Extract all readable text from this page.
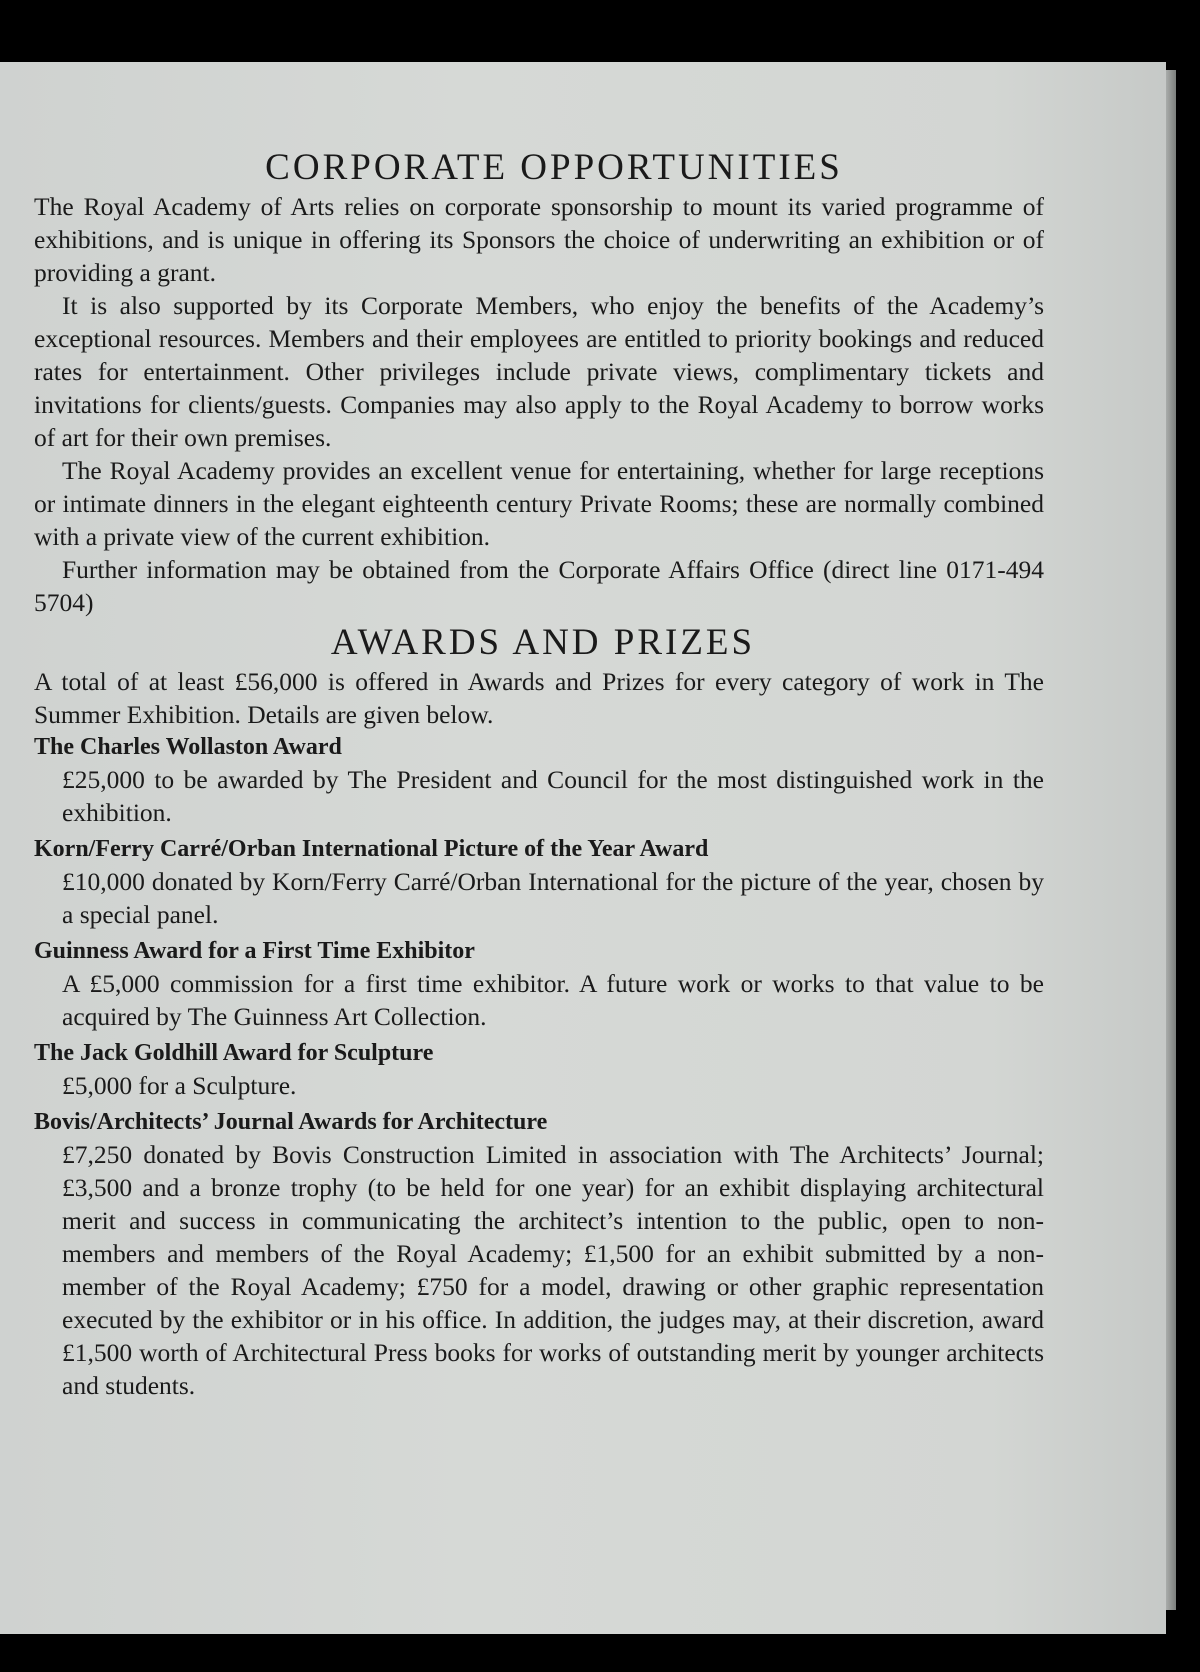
CORPORATE OPPORTUNITIES

The Royal Academy of Arts relies on corporate sponsorship to mount its varied programme of exhibitions, and is unique in offering its Sponsors the choice of underwriting an exhibition or of providing a grant.

It is also supported by its Corporate Members, who enjoy the benefits of the Academy’s exceptional resources. Members and their employees are entitled to priority bookings and reduced rates for entertainment. Other privileges include private views, complimentary tickets and invitations for clients/guests. Companies may also apply to the Royal Academy to borrow works of art for their own premises.

The Royal Academy provides an excellent venue for entertaining, whether for large receptions or intimate dinners in the elegant eighteenth century Private Rooms; these are normally combined with a private view of the current exhibition.

Further information may be obtained from the Corporate Affairs Office (direct line 0171-494 5704)

AWARDS AND PRIZES

A total of at least £56,000 is offered in Awards and Prizes for every category of work in The Summer Exhibition. Details are given below.

The Charles Wollaston Award
£25,000 to be awarded by The President and Council for the most distinguished work in the exhibition.
Korn/Ferry Carré/Orban International Picture of the Year Award
£10,000 donated by Korn/Ferry Carré/Orban International for the picture of the year, chosen by a special panel.
Guinness Award for a First Time Exhibitor
A £5,000 commission for a first time exhibitor. A future work or works to that value to be acquired by The Guinness Art Collection.
The Jack Goldhill Award for Sculpture
£5,000 for a Sculpture.
Bovis/Architects’ Journal Awards for Architecture
£7,250 donated by Bovis Construction Limited in association with The Architects’ Journal; £3,500 and a bronze trophy (to be held for one year) for an exhibit displaying architectural merit and success in communicating the architect’s intention to the public, open to non-members and members of the Royal Academy; £1,500 for an exhibit submitted by a non-member of the Royal Academy; £750 for a model, drawing or other graphic representation executed by the exhibitor or in his office. In addition, the judges may, at their discretion, award £1,500 worth of Architectural Press books for works of outstanding merit by younger architects and students.
